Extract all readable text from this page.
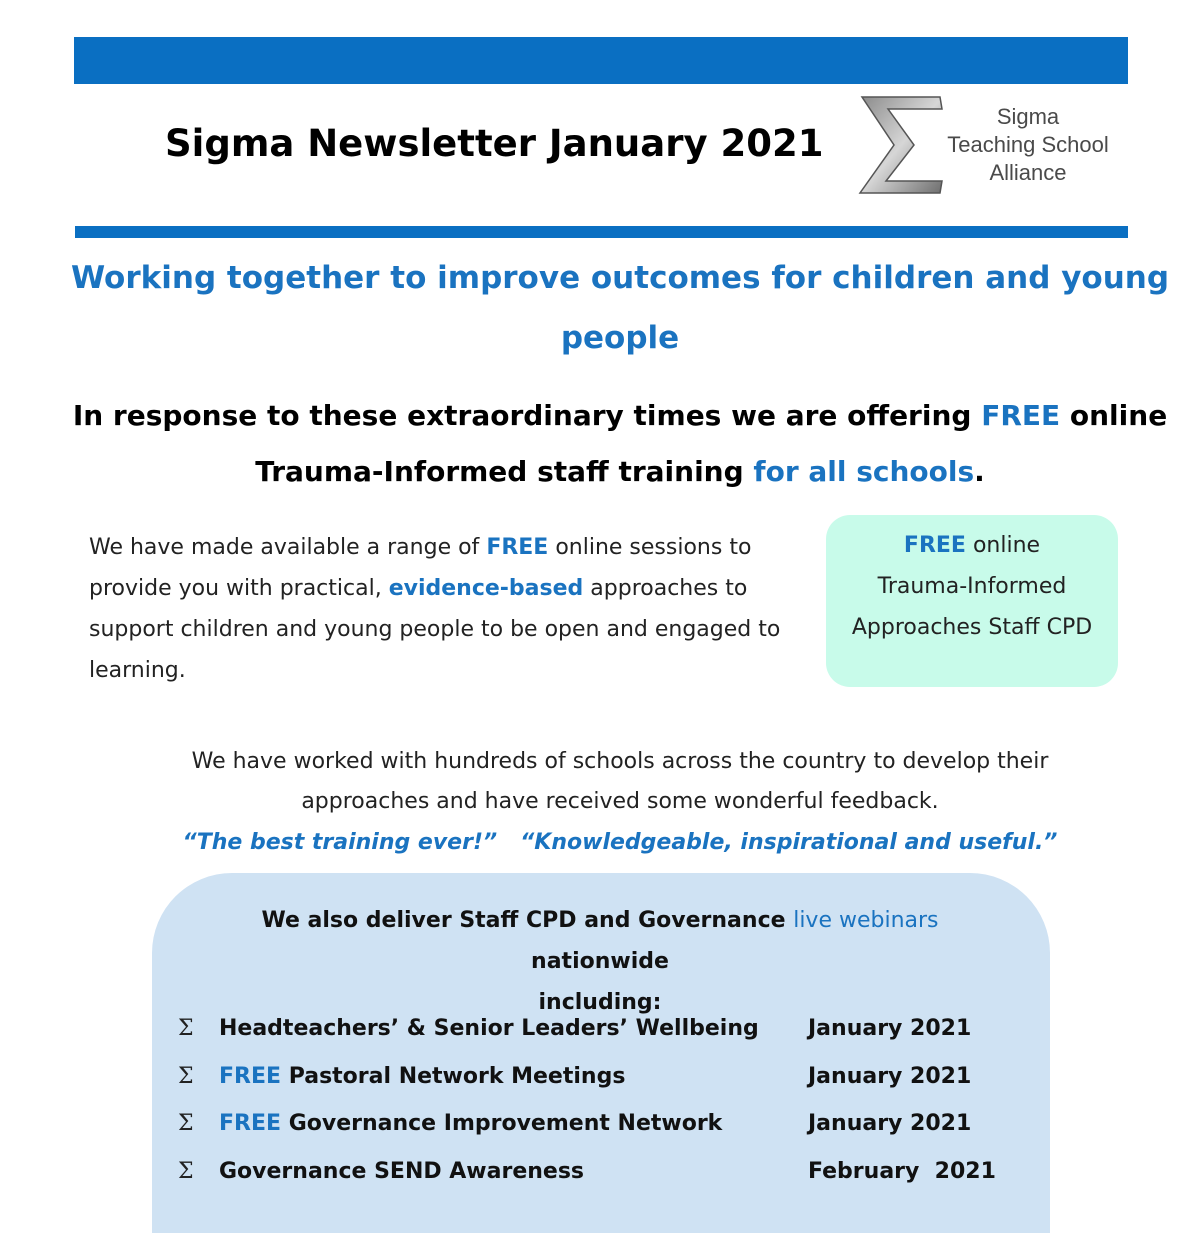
Sigma Newsletter January 2021
Sigma
Teaching School
Alliance
Working together to improve outcomes for children and young
people
In response to these extraordinary times we are offering FREE online
Trauma-Informed staff training for all schools.
We have made available a range of FREE online sessions to provide you with practical, evidence-based approaches to support children and young people to be open and engaged to learning.
FREE online
Trauma-Informed
Approaches Staff CPD
We have worked with hundreds of schools across the country to develop their
approaches and have received some wonderful feedback.
“The best training ever!” “Knowledgeable, inspirational and useful.”
We also deliver Staff CPD and Governance live webinars nationwide
including:
Σ Headteachers’ & Senior Leaders’ Wellbeing January 2021
Σ FREE Pastoral Network Meetings	January 2021
Σ FREE Governance Improvement Network	January 2021
Σ Governance SEND Awareness	February  2021
